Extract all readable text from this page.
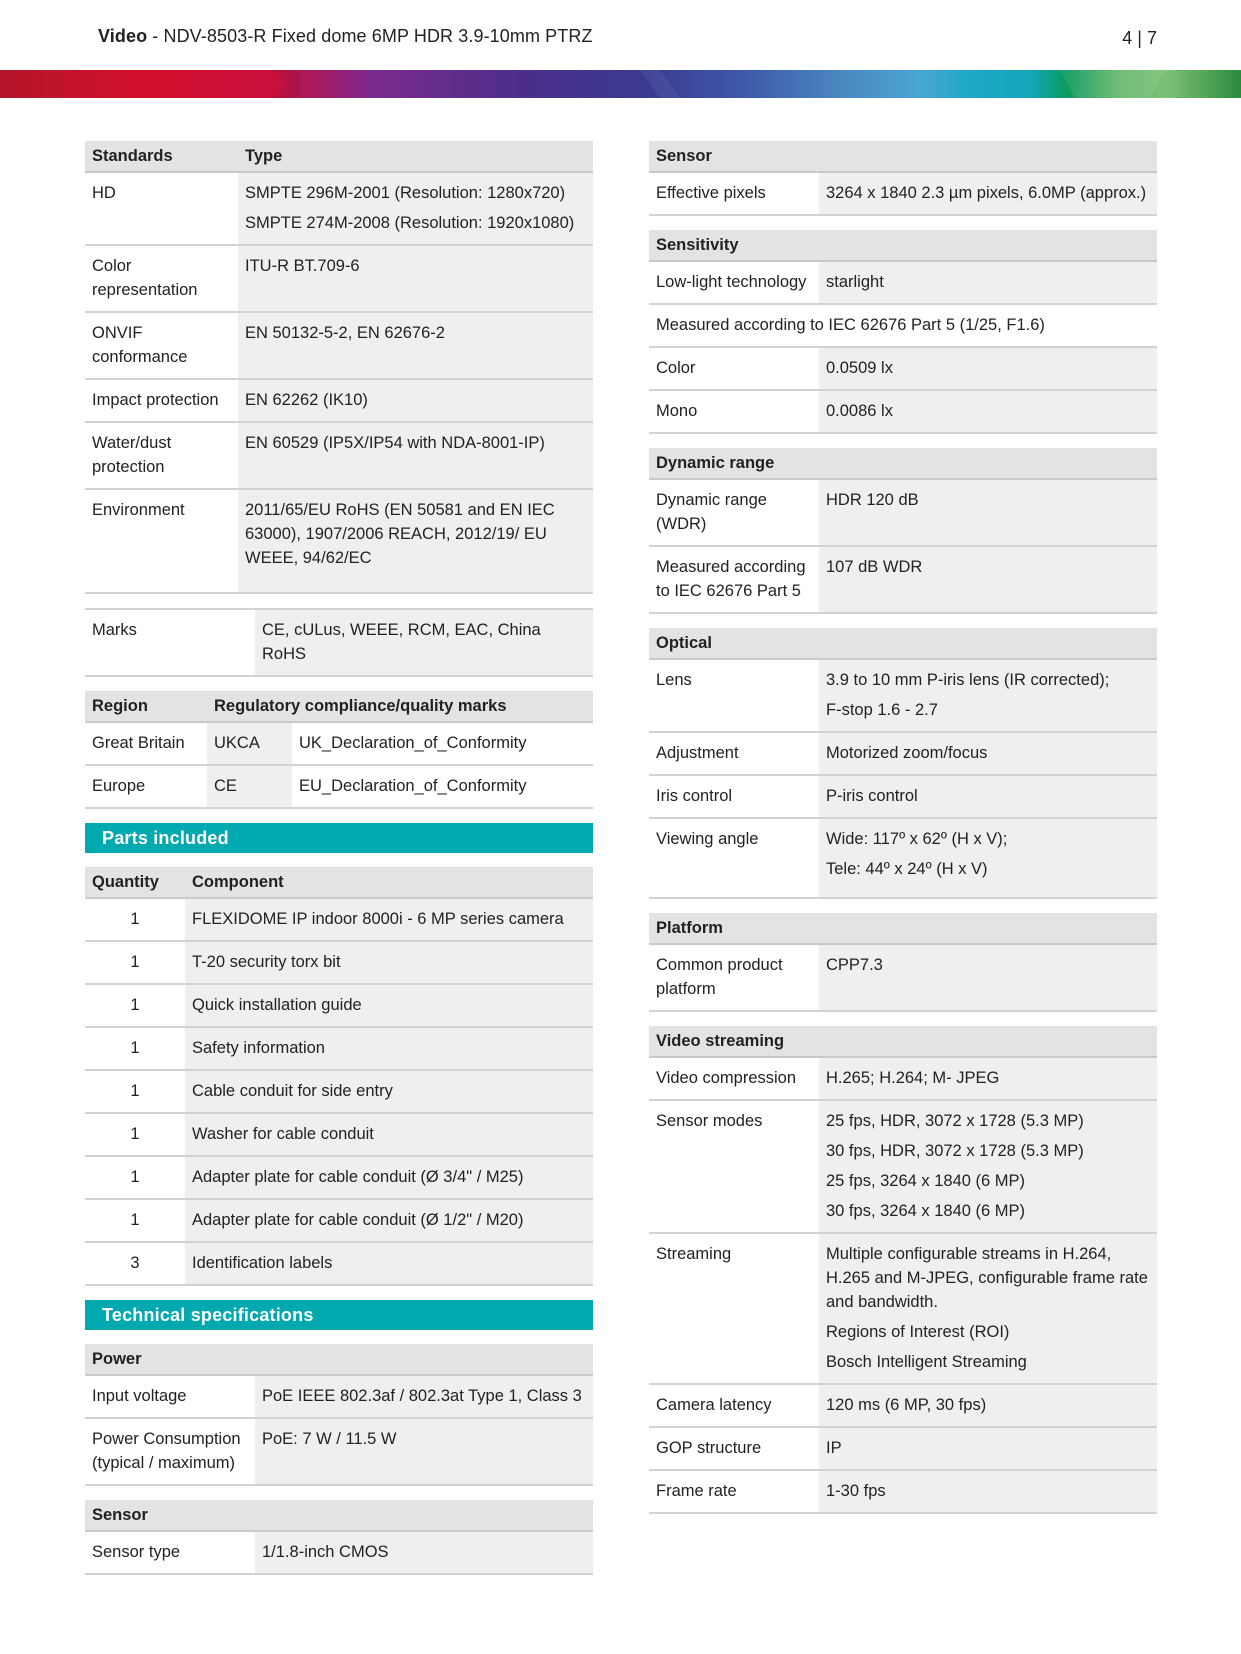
Video - NDV-8503-R Fixed dome 6MP HDR 3.9-10mm PTRZ	4 | 7
Standards	Type
HD	SMPTE 296M-2001 (Resolution: 1280x720)
SMPTE 274M-2008 (Resolution: 1920x1080)

Color representation	ITU-R BT.709-6
ONVIF conformance	EN 50132-5-2, EN 62676-2
Impact protection	EN 62262 (IK10)
Water/dust protection	EN 60529 (IP5X/IP54 with NDA-8001-IP)
Environment	2011/65/EU RoHS (EN 50581 and EN IEC 63000), 1907/2006 REACH, 2012/19/ EU WEEE, 94/62/EC
Marks	CE, cULus, WEEE, RCM, EAC, China RoHS
Region	Regulatory compliance/quality marks	
Great Britain	UKCA	UK_Declaration_of_Conformity
Europe	CE	EU_Declaration_of_Conformity
Parts included
Quantity	Component
1	FLEXIDOME IP indoor 8000i - 6 MP series camera
1	T-20 security torx bit
1	Quick installation guide
1	Safety information
1	Cable conduit for side entry
1	Washer for cable conduit
1	Adapter plate for cable conduit (Ø 3/4" / M25)
1	Adapter plate for cable conduit (Ø 1/2" / M20)
3	Identification labels
Technical specifications
Power	
Input voltage	PoE IEEE 802.3af / 802.3at Type 1, Class 3
Power Consumption (typical / maximum)	PoE: 7 W / 11.5 W
Sensor
Sensor type	1/1.8-inch CMOS
Sensor
Effective pixels	3264 x 1840 2.3 µm pixels, 6.0MP (approx.)
Sensitivity	
Low-light technology	starlight
Measured according to IEC 62676 Part 5 (1/25, F1.6)	
Color	0.0509 lx
Mono	0.0086 lx
Dynamic range	
Dynamic range (WDR)	HDR 120 dB
Measured according to IEC 62676 Part 5	107 dB WDR
Optical	
Lens	3.9 to 10 mm P-iris lens (IR corrected);
F-stop 1.6 - 2.7

Adjustment	Motorized zoom/focus
Iris control	P-iris control
Viewing angle	Wide: 117º x 62º (H x V);
Tele: 44º x 24º (H x V)
Platform
Common product platform	CPP7.3
Video streaming	
Video compression	H.265; H.264; M- JPEG
Sensor modes	25 fps, HDR, 3072 x 1728 (5.3 MP)
30 fps, HDR, 3072 x 1728 (5.3 MP)
25 fps, 3264 x 1840 (6 MP)
30 fps, 3264 x 1840 (6 MP)

Streaming	Multiple configurable streams in H.264, H.265 and M-JPEG, configurable frame rate and bandwidth.
Regions of Interest (ROI)
Bosch Intelligent Streaming

Camera latency	120 ms (6 MP, 30 fps)
GOP structure	IP
Frame rate	1-30 fps
